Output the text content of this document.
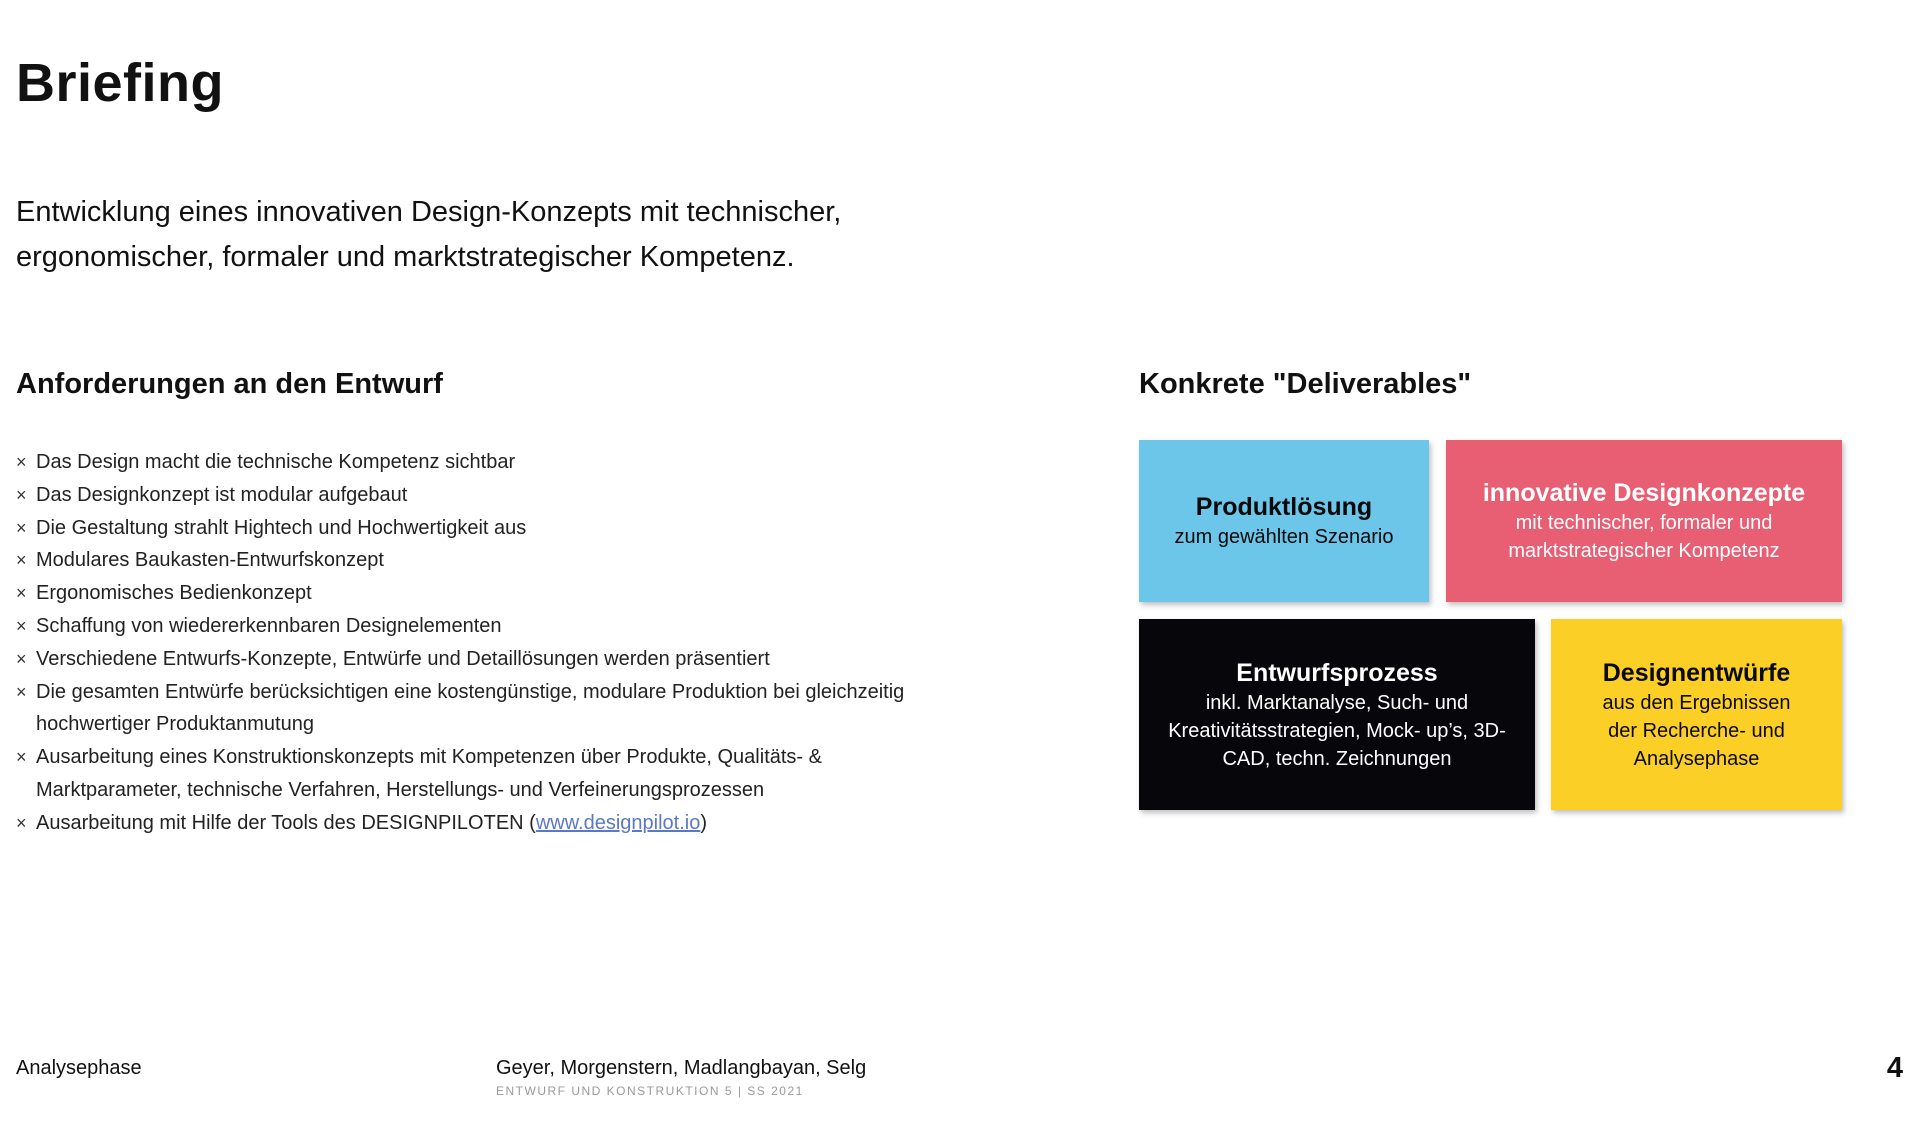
Briefing

Entwicklung eines innovativen Design-Konzepts mit technischer, ergonomischer, formaler und marktstrategischer Kompetenz.

Anforderungen an den Entwurf
× Das Design macht die technische Kompetenz sichtbar
× Das Designkonzept ist modular aufgebaut
× Die Gestaltung strahlt Hightech und Hochwertigkeit aus
× Modulares Baukasten-Entwurfskonzept
× Ergonomisches Bedienkonzept
× Schaffung von wiedererkennbaren Designelementen
× Verschiedene Entwurfs-Konzepte, Entwürfe und Detaillösungen werden präsentiert
× Die gesamten Entwürfe berücksichtigen eine kostengünstige, modulare Produktion bei gleichzeitig hochwertiger Produktanmutung
× Ausarbeitung eines Konstruktionskonzepts mit Kompetenzen über Produkte, Qualitäts- & Marktparameter, technische Verfahren, Herstellungs- und Verfeinerungsprozessen
× Ausarbeitung mit Hilfe der Tools des DESIGNPILOTEN (www.designpilot.io)
Konkrete "Deliverables"
Produktlösung
zum gewählten Szenario
innovative Designkonzepte
mit technischer, formaler und marktstrategischer Kompetenz
Entwurfsprozess
inkl. Marktanalyse, Such- und Kreativitätsstrategien, Mock- up’s, 3D-CAD, techn. Zeichnungen
Designentwürfe
aus den Ergebnissen der Recherche- und Analysephase
Analysephase	Geyer, Morgenstern, Madlangbayan, Selg
ENTWURF UND KONSTRUKTION 5 | SS 2021
4
